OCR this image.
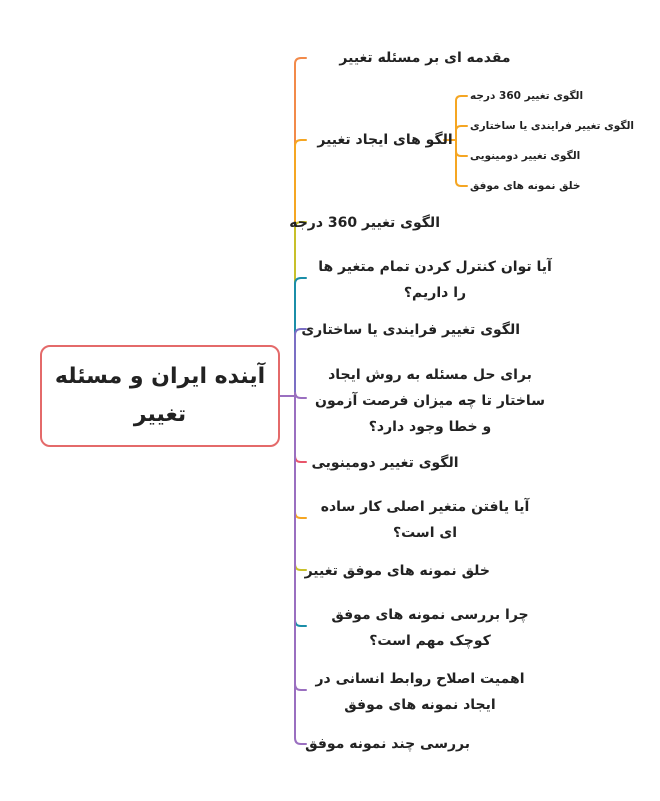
آینده ایران و مسئله تغییر
مقدمه ای بر مسئله تغییر
الگو های ایجاد تغییر
الگوی تغییر 360 درجه
الگوی تغییر فرایندی یا ساختاری
الگوی تغییر دومینویی
خلق نمونه های موفق
الگوی تغییر 360 درجه
آیا توان کنترل کردن تمام متغیر ها را داریم؟
الگوی تغییر فرایندی یا ساختاری
برای حل مسئله به روش ایجاد ساختار تا چه میزان فرصت آزمون و خطا وجود دارد؟
الگوی تغییر دومینویی
آیا یافتن متغیر اصلی کار ساده ای است؟
خلق نمونه های موفق تغییر
چرا بررسی نمونه های موفق کوچک مهم است؟
اهمیت اصلاح روابط انسانی در ایجاد نمونه های موفق
بررسی چند نمونه موفق
